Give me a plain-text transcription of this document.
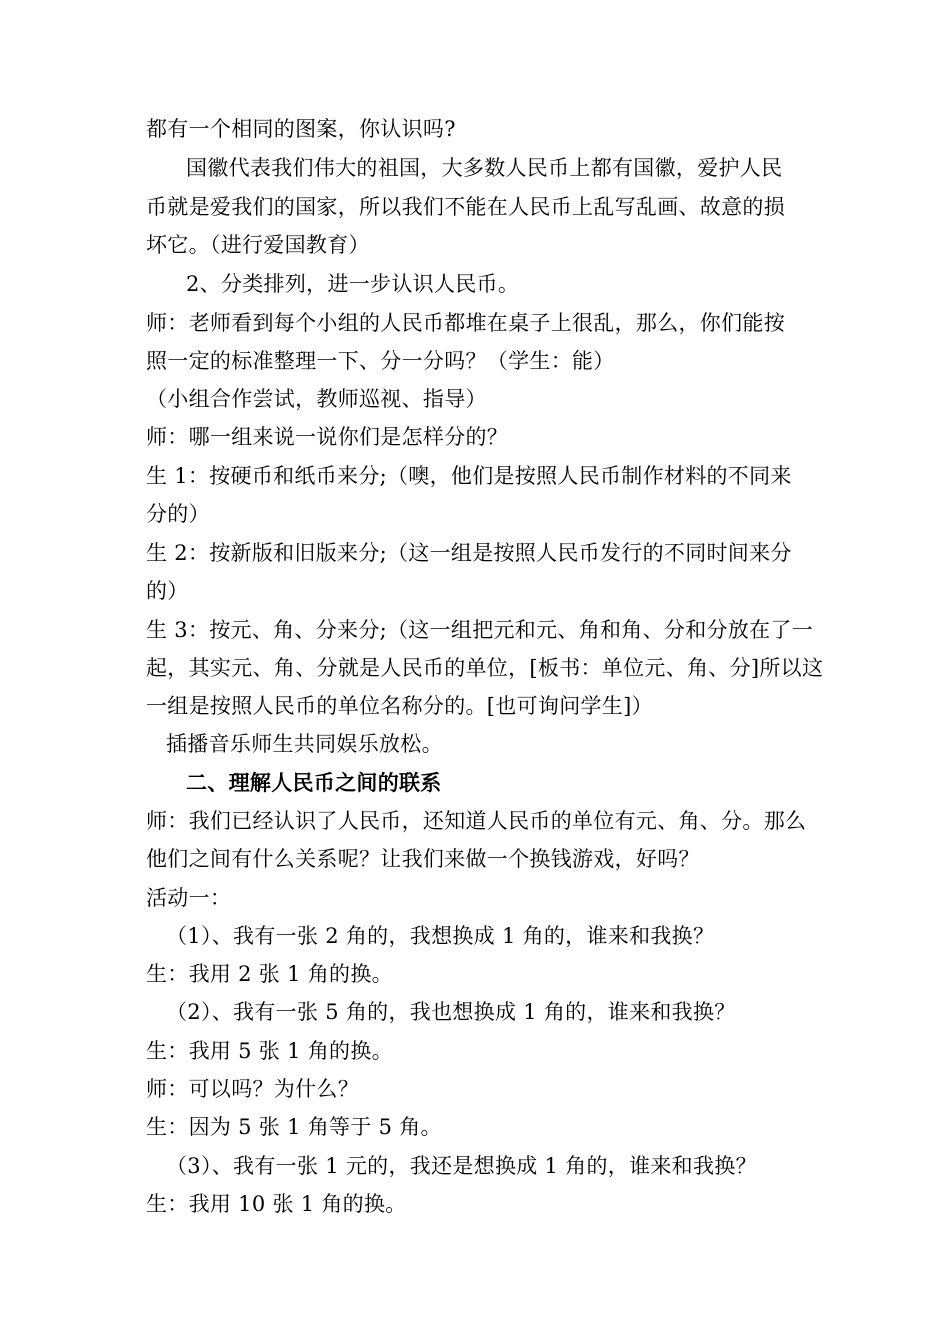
都有一个相同的图案，你认识吗?
国徽代表我们伟大的祖国，大多数人民币上都有国徽，爱护人民
币就是爱我们的国家，所以我们不能在人民币上乱写乱画、故意的损
坏它。（进行爱国教育）
2、分类排列，进一步认识人民币。
师：老师看到每个小组的人民币都堆在桌子上很乱，那么，你们能按
照一定的标准整理一下、分一分吗？（学生：能）
（小组合作尝试，教师巡视、指导）
师：哪一组来说一说你们是怎样分的？
生 1：按硬币和纸币来分;（噢，他们是按照人民币制作材料的不同来
分的）
生 2：按新版和旧版来分;（这一组是按照人民币发行的不同时间来分
的）
生 3：按元、角、分来分;（这一组把元和元、角和角、分和分放在了一
起，其实元、角、分就是人民币的单位，[板书：单位元、角、分]所以这
一组是按照人民币的单位名称分的。[也可询问学生]）
插播音乐师生共同娱乐放松。
二、理解人民币之间的联系
师：我们已经认识了人民币，还知道人民币的单位有元、角、分。那么
他们之间有什么关系呢？让我们来做一个换钱游戏，好吗？
活动一：
（1）、我有一张 2 角的，我想换成 1 角的，谁来和我换？
生：我用 2 张 1 角的换。
（2）、我有一张 5 角的，我也想换成 1 角的，谁来和我换？
生：我用 5 张 1 角的换。
师：可以吗？为什么？
生：因为 5 张 1 角等于 5 角。
（3）、我有一张 1 元的，我还是想换成 1 角的，谁来和我换？
生：我用 10 张 1 角的换。
